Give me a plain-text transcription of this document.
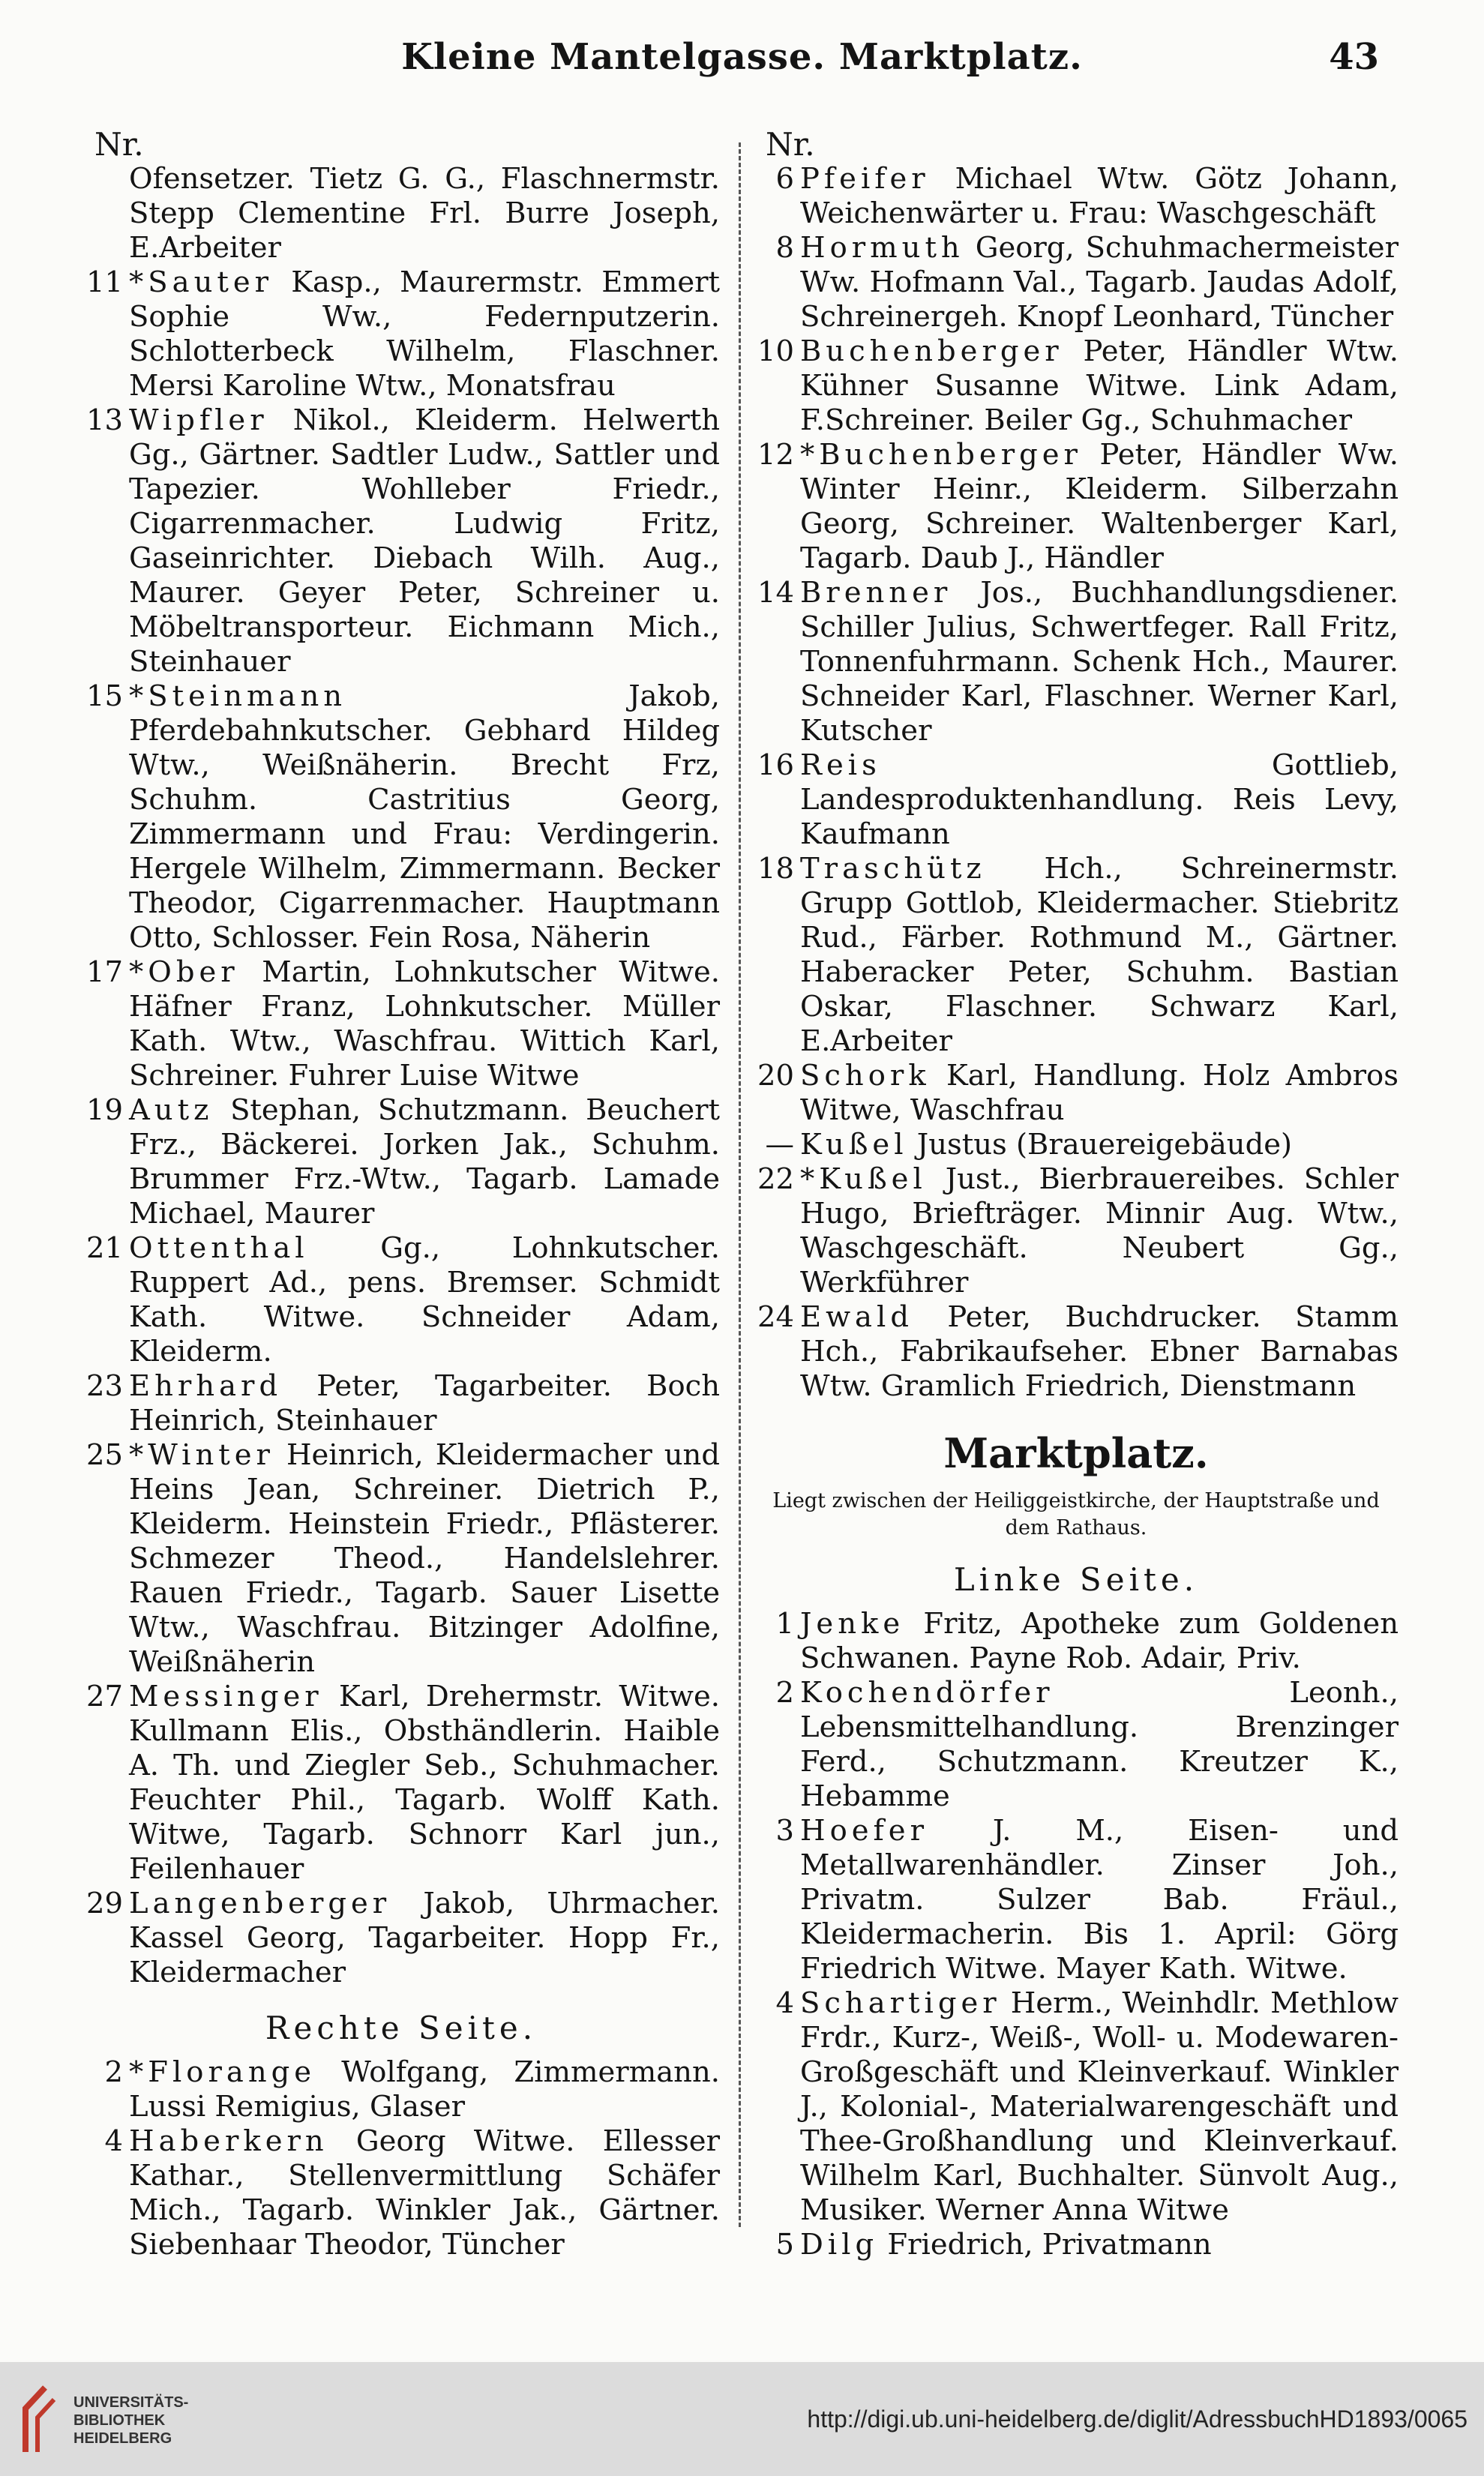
Kleine Mantelgasse. Marktplatz.	43
Nr.
Ofensetzer. Tietz G. G., Flaschnermstr. Stepp Clementine Frl. Burre Joseph, E.Arbeiter
11 *Sauter Kasp., Maurermstr. Emmert Sophie Ww., Federnputzerin. Schlotterbeck Wilhelm, Flaschner. Mersi Karoline Wtw., Monatsfrau
13 Wipfler Nikol., Kleiderm. Helwerth Gg., Gärtner. Sadtler Ludw., Sattler und Tapezier. Wohlleber Friedr., Cigarrenmacher. Ludwig Fritz, Gaseinrichter. Diebach Wilh. Aug., Maurer. Geyer Peter, Schreiner u. Möbeltransporteur. Eichmann Mich., Steinhauer
15 *Steinmann	Jakob, Pferdebahnkutscher. Gebhard Hildeg Wtw., Weißnäherin. Brecht Frz, Schuhm. Castritius Georg, Zimmermann und Frau: Verdingerin. Hergele Wilhelm, Zimmermann. Becker Theodor, Cigarrenmacher. Hauptmann Otto, Schlosser. Fein Rosa, Näherin
17 *Ober Martin, Lohnkutscher Witwe. Häfner Franz, Lohnkutscher. Müller Kath. Wtw., Waschfrau. Wittich Karl, Schreiner. Fuhrer Luise Witwe
19 Autz Stephan, Schutzmann. Beuchert Frz., Bäckerei. Jorken Jak., Schuhm. Brummer Frz.-Wtw., Tagarb. Lamade Michael, Maurer
21 Ottenthal Gg., Lohnkutscher. Ruppert Ad., pens. Bremser. Schmidt Kath. Witwe. Schneider Adam, Kleiderm.
23 Ehrhard Peter, Tagarbeiter. Boch Heinrich, Steinhauer
25 *Winter Heinrich, Kleidermacher und Heins Jean, Schreiner. Dietrich P., Kleiderm. Heinstein Friedr., Pflästerer. Schmezer Theod., Handelslehrer. Rauen Friedr., Tagarb. Sauer Lisette Wtw., Waschfrau. Bitzinger Adolfine, Weißnäherin
27 Messinger Karl, Drehermstr. Witwe. Kullmann Elis., Obsthändlerin. Haible A. Th. und Ziegler Seb., Schuhmacher. Feuchter Phil., Tagarb. Wolff Kath. Witwe, Tagarb. Schnorr Karl jun., Feilenhauer
29 Langenberger Jakob, Uhrmacher. Kassel Georg, Tagarbeiter. Hopp Fr., Kleidermacher
Rechte Seite.
2 *Florange Wolfgang, Zimmermann. Lussi Remigius, Glaser
4 Haberkern Georg Witwe. Ellesser Kathar., Stellenvermittlung Schäfer Mich., Tagarb. Winkler Jak., Gärtner. Siebenhaar Theodor, Tüncher
Nr.
6 Pfeifer Michael Wtw. Götz Johann, Weichenwärter u. Frau: Waschgeschäft
8 Hormuth Georg, Schuhmachermeister Ww. Hofmann Val., Tagarb. Jaudas Adolf, Schreinergeh. Knopf Leonhard, Tüncher
10 Buchenberger Peter, Händler Wtw. Kühner Susanne Witwe. Link Adam, F.Schreiner. Beiler Gg., Schuhmacher
12 *Buchenberger Peter, Händler Ww. Winter Heinr., Kleiderm. Silberzahn Georg, Schreiner. Waltenberger Karl, Tagarb. Daub J., Händler
14 Brenner Jos., Buchhandlungsdiener. Schiller Julius, Schwertfeger. Rall Fritz, Tonnenfuhrmann. Schenk Hch., Maurer. Schneider Karl, Flaschner. Werner Karl, Kutscher
16 Reis	Gottlieb, Landesproduktenhandlung. Reis Levy, Kaufmann
18 Traschütz Hch., Schreinermstr. Grupp Gottlob, Kleidermacher. Stiebritz Rud., Färber. Rothmund M., Gärtner. Haberacker Peter, Schuhm. Bastian Oskar, Flaschner. Schwarz Karl, E.Arbeiter
20 Schork Karl, Handlung. Holz Ambros Witwe, Waschfrau
— Kußel Justus (Brauereigebäude)
22 *Kußel Just., Bierbrauereibes. Schler Hugo, Briefträger. Minnir Aug. Wtw., Waschgeschäft. Neubert Gg., Werkführer
24 Ewald Peter, Buchdrucker. Stamm Hch., Fabrikaufseher. Ebner Barnabas Wtw. Gramlich Friedrich, Dienstmann
Marktplatz.
Liegt zwischen der Heiliggeistkirche, der Hauptstraße und dem Rathaus.
Linke Seite.
1 Jenke Fritz, Apotheke zum Goldenen Schwanen. Payne Rob. Adair, Priv.
2 Kochendörfer	Leonh., Lebensmittelhandlung. Brenzinger Ferd., Schutzmann. Kreutzer K., Hebamme
3 Hoefer J. M., Eisen- und Metallwarenhändler. Zinser Joh., Privatm. Sulzer Bab. Fräul., Kleidermacherin. Bis 1. April: Görg Friedrich Witwe. Mayer Kath. Witwe.
4 Schartiger Herm., Weinhdlr. Methlow Frdr., Kurz-, Weiß-, Woll- u. Modewaren-Großgeschäft und Kleinverkauf. Winkler J., Kolonial-, Materialwarengeschäft und Thee-Großhandlung und Kleinverkauf. Wilhelm Karl, Buchhalter. Sünvolt Aug., Musiker. Werner Anna Witwe
5 Dilg Friedrich, Privatmann
UNIVERSITÄTS-
BIBLIOTHEK
HEIDELBERG
http://digi.ub.uni-heidelberg.de/diglit/AdressbuchHD1893/0065
